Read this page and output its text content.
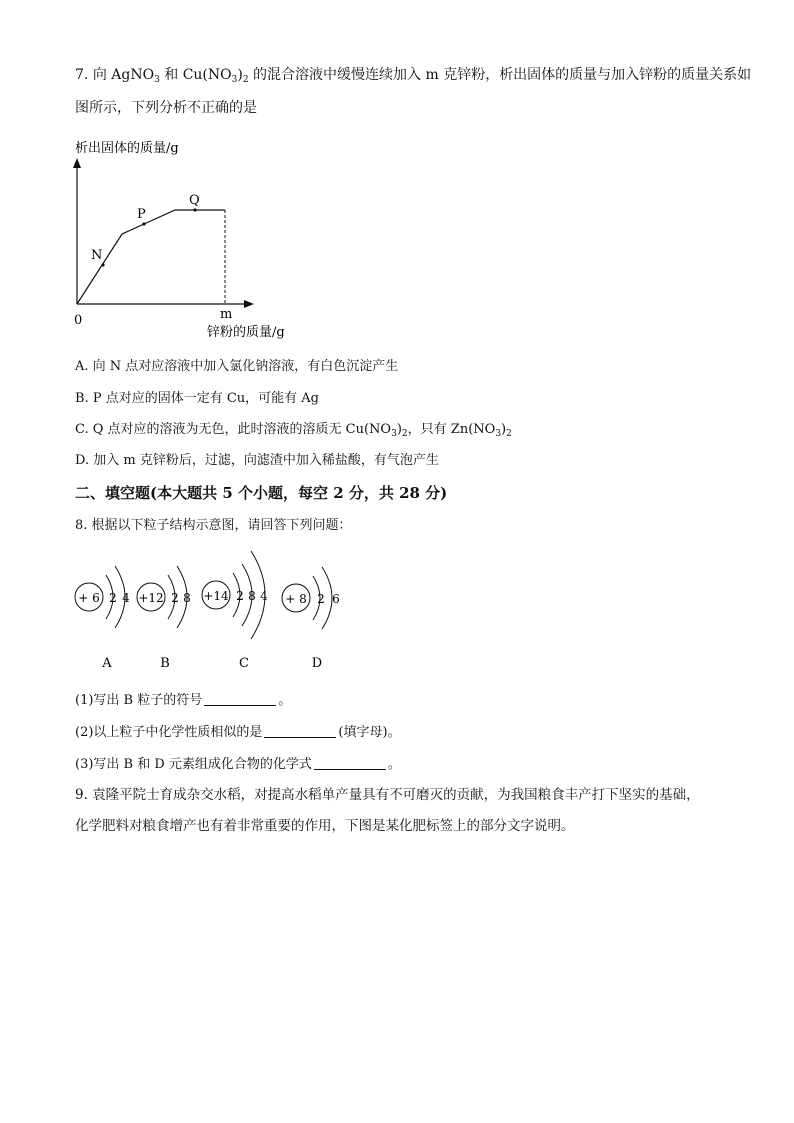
7. 向 AgNO$_3$ 和 $Cu(NO_3)_2$ 的混合溶液中缓慢连续加入 m 克锌粉，析出固体的质量与加入锌粉的质量关系如
图所示，下列分析不正确的是
析出固体的质量/g
N
P
Q
0	m
锌粉的质量/g
A. 向 N 点对应溶液中加入氯化钠溶液，有白色沉淀产生
B. P 点对应的固体一定有 Cu，可能有 Ag
C. Q 点对应的溶液为无色，此时溶液的溶质无 $Cu(NO_3)_2$，只有 $Zn(NO_3)_2$
D. 加入 m 克锌粉后，过滤，向滤渣中加入稀盐酸，有气泡产生
二、填空题(本大题共 5 个小题，每空 2 分，共 28 分)
8. 根据以下粒子结构示意图，请回答下列问题：
+ 6 2 4
A
+12 2 8
B
+14 2 8 4
C
+ 8 2 6
D
(1)写出 B 粒子的符号	。
(2)以上粒子中化学性质相似的是	(填字母)。
(3)写出 B 和 D 元素组成化合物的化学式	。
9. 袁隆平院士育成杂交水稻，对提高水稻单产量具有不可磨灭的贡献，为我国粮食丰产打下坚实的基础，
化学肥料对粮食增产也有着非常重要的作用，下图是某化肥标签上的部分文字说明。
